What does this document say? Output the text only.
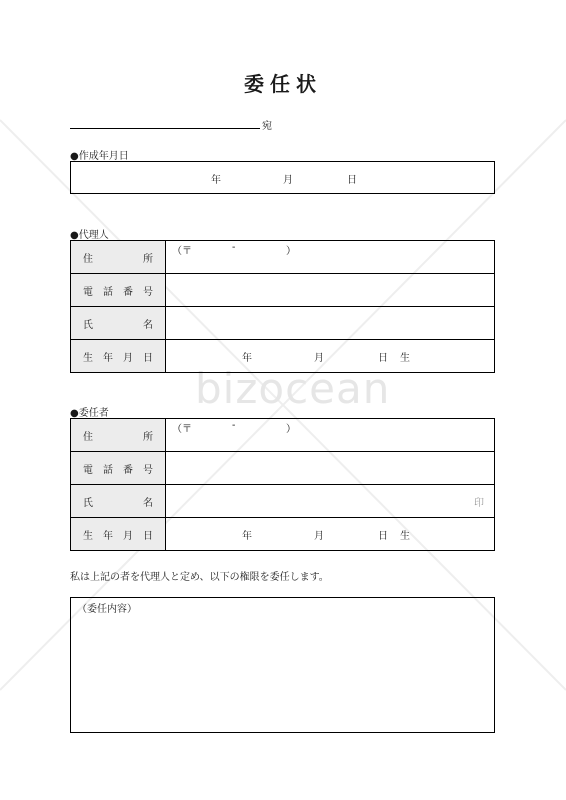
bizocean
委任状
宛
●作成年月日
年	月	日
●代理人
住 所	（〒 - ）

電 話 番 号	

氏 名	

生 年 月 日	年 月 日 生
●委任者
住 所	（〒 - ）

電 話 番 号	

氏 名	印

生 年 月 日	年 月 日 生
私は上記の者を代理人と定め、以下の権限を委任します。
（委任内容）
